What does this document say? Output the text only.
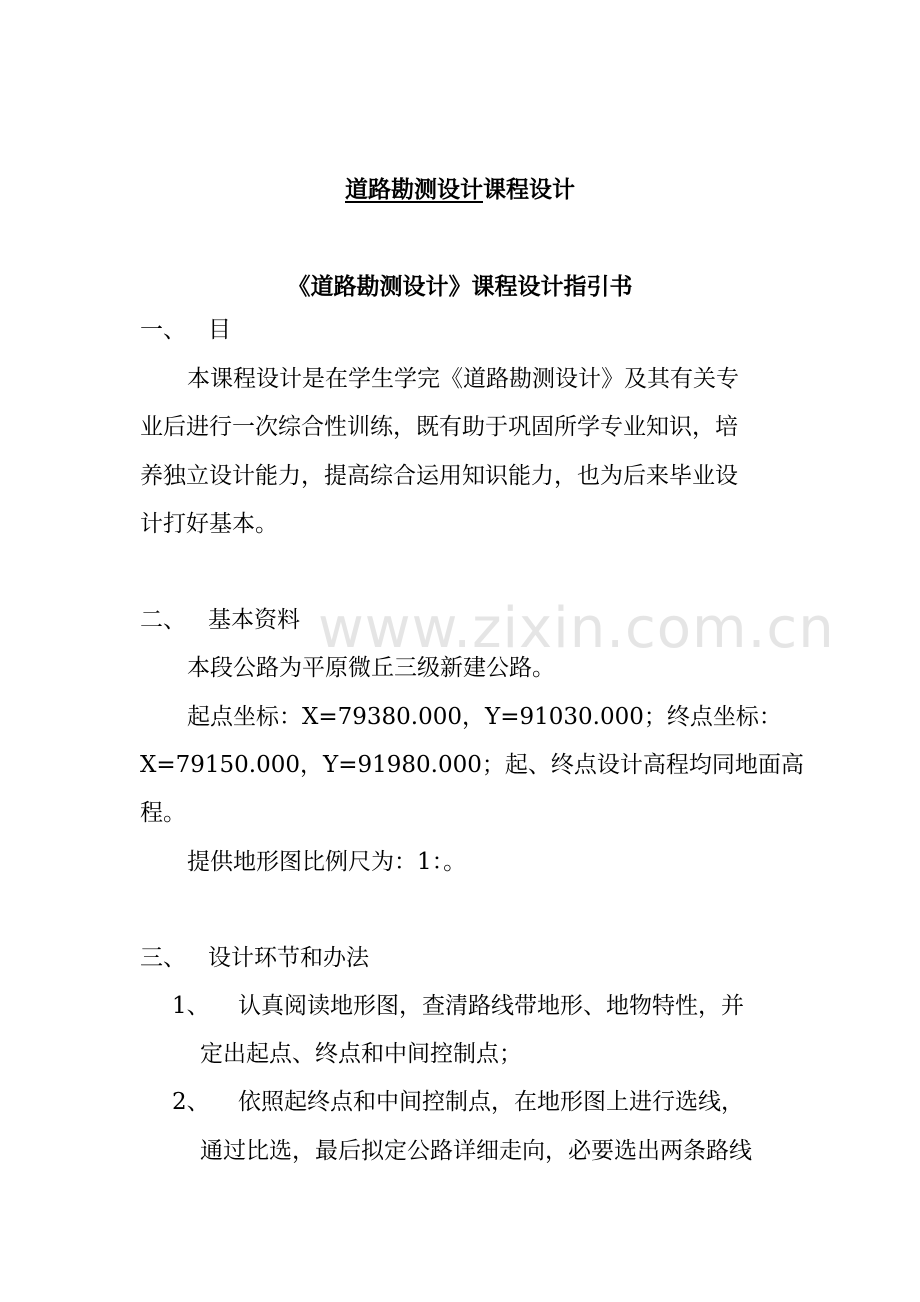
www.zixin.com.cn
道路勘测设计课程设计
《道路勘测设计》课程设计指引书
一、 目
本课程设计是在学生学完《道路勘测设计》及其有关专
业后进行一次综合性训练，既有助于巩固所学专业知识，培
养独立设计能力，提高综合运用知识能力，也为后来毕业设
计打好基本。
二、 基本资料
本段公路为平原微丘三级新建公路。
起点坐标：X=79380.000，Y=91030.000；终点坐标：
X=79150.000，Y=91980.000；起、终点设计高程均同地面高
程。
提供地形图比例尺为：1：。
三、 设计环节和办法
1、 认真阅读地形图，查清路线带地形、地物特性，并
定出起点、终点和中间控制点；
2、 依照起终点和中间控制点，在地形图上进行选线，
通过比选，最后拟定公路详细走向，必要选出两条路线
